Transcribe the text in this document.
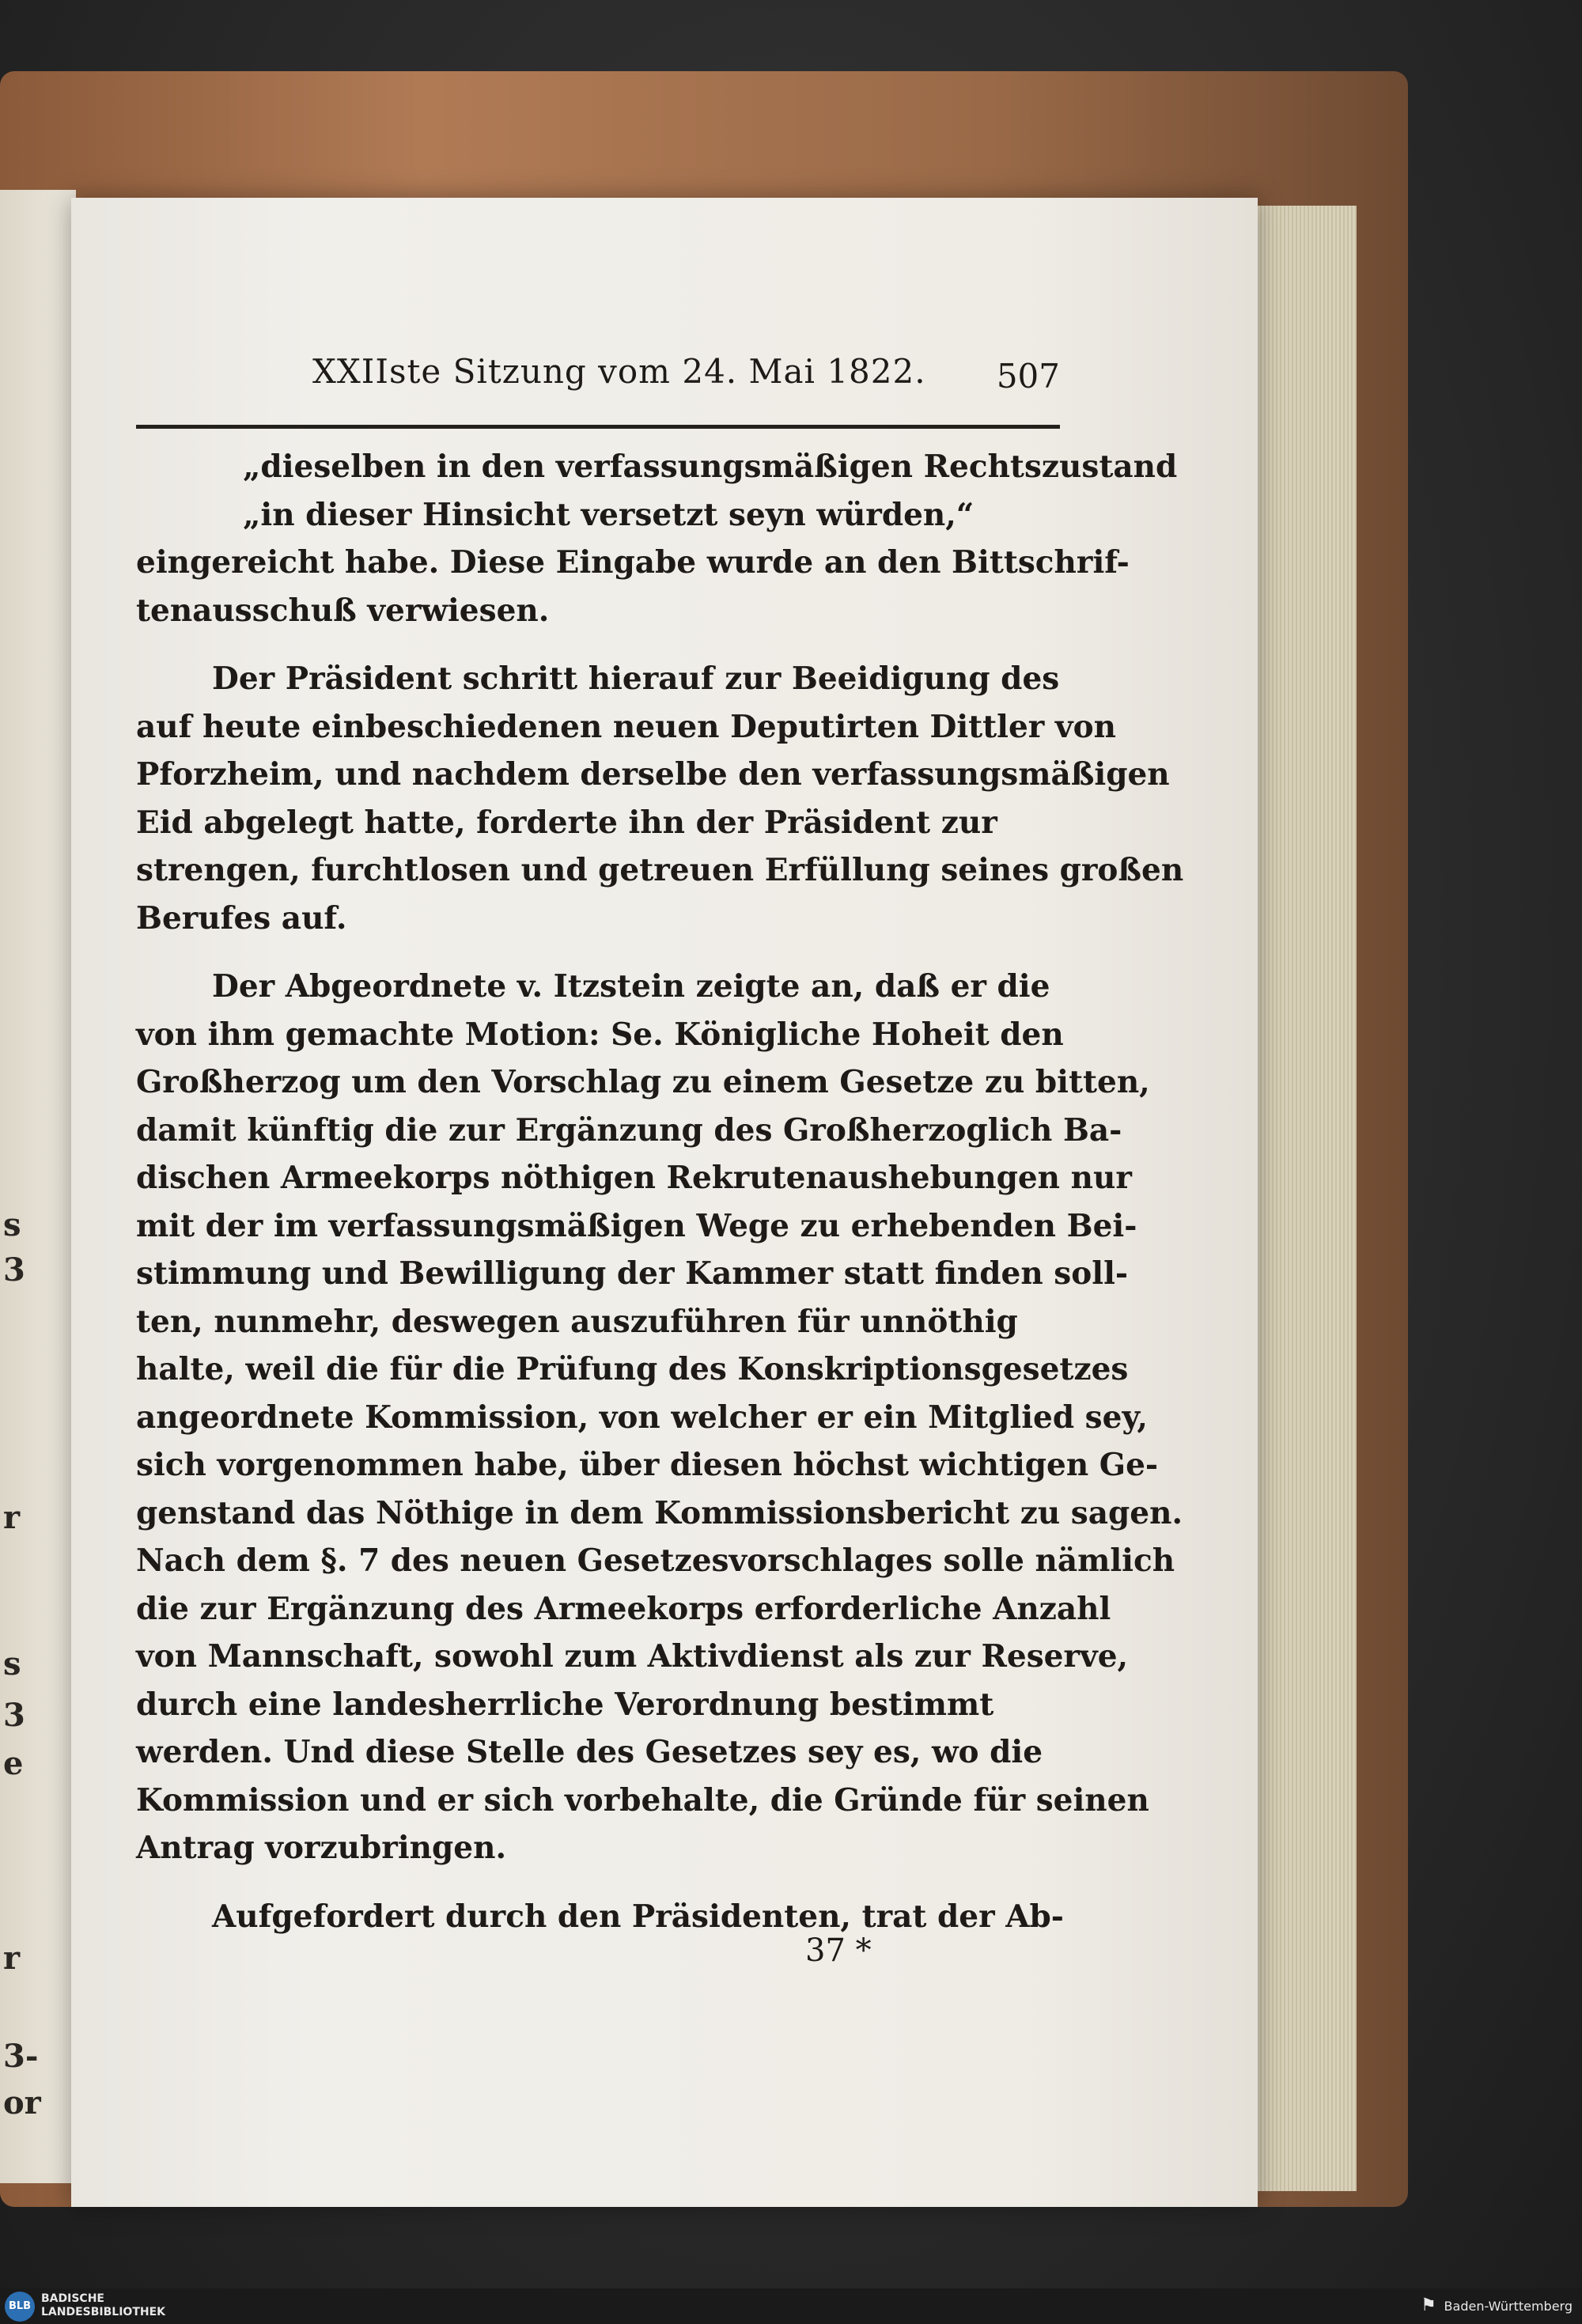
s
3
r
s
3
e
r
3-
or
XXIIste Sitzung vom 24. Mai 1822. 507
„dieselben in den verfassungsmäßigen Rechtszustand
„in dieser Hinsicht versetzt seyn würden,“
eingereicht habe. Diese Eingabe wurde an den Bittschrif-
tenausschuß verwiesen.
Der Präsident schritt hierauf zur Beeidigung des
auf heute einbeschiedenen neuen Deputirten Dittler von
Pforzheim, und nachdem derselbe den verfassungsmäßigen
Eid abgelegt hatte, forderte ihn der Präsident zur
strengen, furchtlosen und getreuen Erfüllung seines großen
Berufes auf.
Der Abgeordnete v. Itzstein zeigte an, daß er die
von ihm gemachte Motion: Se. Königliche Hoheit den
Großherzog um den Vorschlag zu einem Gesetze zu bitten,
damit künftig die zur Ergänzung des Großherzoglich Ba-
dischen Armeekorps nöthigen Rekrutenaushebungen nur
mit der im verfassungsmäßigen Wege zu erhebenden Bei-
stimmung und Bewilligung der Kammer statt finden soll-
ten, nunmehr, deswegen auszuführen für unnöthig
halte, weil die für die Prüfung des Konskriptionsgesetzes
angeordnete Kommission, von welcher er ein Mitglied sey,
sich vorgenommen habe, über diesen höchst wichtigen Ge-
genstand das Nöthige in dem Kommissionsbericht zu sagen.
Nach dem §. 7 des neuen Gesetzesvorschlages solle nämlich
die zur Ergänzung des Armeekorps erforderliche Anzahl
von Mannschaft, sowohl zum Aktivdienst als zur Reserve,
durch eine landesherrliche Verordnung bestimmt
werden. Und diese Stelle des Gesetzes sey es, wo die
Kommission und er sich vorbehalte, die Gründe für seinen
Antrag vorzubringen.
Aufgefordert durch den Präsidenten, trat der Ab-
37 *
BLB
BADISCHE
LANDESBIBLIOTHEK	⚑ Baden-Württemberg
